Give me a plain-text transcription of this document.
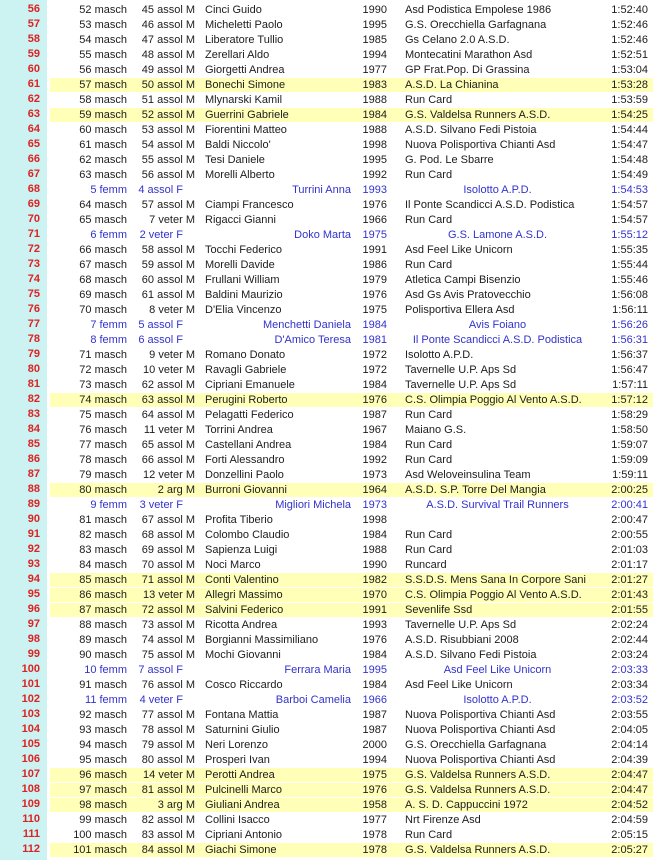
56	52 masch	45 assol M Cinci Guido	1990	Asd Podistica Empolese 1986	1:52:40
57	53 masch	46 assol M Micheletti Paolo	1995	G.S. Orecchiella Garfagnana	1:52:46
58	54 masch	47 assol M Liberatore Tullio	1985	Gs Celano 2.0 A.S.D.	1:52:46
59	55 masch	48 assol M Zerellari Aldo	1994	Montecatini Marathon Asd	1:52:51
60	56 masch	49 assol M Giorgetti Andrea	1977	GP Frat.Pop. Di Grassina	1:53:04
61	57 masch	50 assol M Bonechi Simone	1983	A.S.D. La Chianina	1:53:28
62	58 masch	51 assol M Mlynarski Kamil	1988	Run Card	1:53:59
63	59 masch	52 assol M Guerrini Gabriele	1984	G.S. Valdelsa Runners A.S.D.	1:54:25
64	60 masch	53 assol M Fiorentini Matteo	1988	A.S.D. Silvano Fedi Pistoia	1:54:44
65	61 masch	54 assol M Baldi Niccolo'	1998	Nuova Polisportiva Chianti Asd	1:54:47
66	62 masch	55 assol M Tesi Daniele	1995	G. Pod. Le Sbarre	1:54:48
67	63 masch	56 assol M Morelli Alberto	1992	Run Card	1:54:49
68	5 femm	4 assol F	Turrini Anna	1993	Isolotto A.P.D.	1:54:53
69	64 masch	57 assol M Ciampi Francesco	1976	Il Ponte Scandicci A.S.D. Podistica	1:54:57
70	65 masch	7 veter M Rigacci Gianni	1966	Run Card	1:54:57
71	6 femm	2 veter F	Doko Marta	1975	G.S. Lamone A.S.D.	1:55:12
72	66 masch	58 assol M Tocchi Federico	1991	Asd Feel Like Unicorn	1:55:35
73	67 masch	59 assol M Morelli Davide	1986	Run Card	1:55:44
74	68 masch	60 assol M Frullani William	1979	Atletica Campi Bisenzio	1:55:46
75	69 masch	61 assol M Baldini Maurizio	1976	Asd Gs Avis Pratovecchio	1:56:08
76	70 masch	8 veter M D'Elia Vincenzo	1975	Polisportiva Ellera Asd	1:56:11
77	7 femm	5 assol F	Menchetti Daniela	1984	Avis Foiano	1:56:26
78	8 femm	6 assol F	D'Amico Teresa	1981	Il Ponte Scandicci A.S.D. Podistica	1:56:31
79	71 masch	9 veter M Romano Donato	1972	Isolotto A.P.D.	1:56:37
80	72 masch	10 veter M Ravagli Gabriele	1972	Tavernelle U.P. Aps Sd	1:56:47
81	73 masch	62 assol M Cipriani Emanuele	1984	Tavernelle U.P. Aps Sd	1:57:11
82	74 masch	63 assol M Perugini Roberto	1976	C.S. Olimpia Poggio Al Vento A.S.D.	1:57:12
83	75 masch	64 assol M Pelagatti Federico	1987	Run Card	1:58:29
84	76 masch	11 veter M Torrini Andrea	1967	Maiano G.S.	1:58:50
85	77 masch	65 assol M Castellani Andrea	1984	Run Card	1:59:07
86	78 masch	66 assol M Forti Alessandro	1992	Run Card	1:59:09
87	79 masch	12 veter M Donzellini Paolo	1973	Asd Weloveinsulina Team	1:59:11
88	80 masch	2 arg M Burroni Giovanni	1964	A.S.D. S.P. Torre Del Mangia	2:00:25
89	9 femm	3 veter F	Migliori Michela	1973	A.S.D. Survival Trail Runners	2:00:41
90	81 masch	67 assol M Profita Tiberio	1998	2:00:47
91	82 masch	68 assol M Colombo Claudio	1984	Run Card	2:00:55
92	83 masch	69 assol M Sapienza Luigi	1988	Run Card	2:01:03
93	84 masch	70 assol M Noci Marco	1990	Runcard	2:01:17
94	85 masch	71 assol M Conti Valentino	1982	S.S.D.S. Mens Sana In Corpore Sani	2:01:27
95	86 masch	13 veter M Allegri Massimo	1970	C.S. Olimpia Poggio Al Vento A.S.D.	2:01:43
96	87 masch	72 assol M Salvini Federico	1991	Sevenlife Ssd	2:01:55
97	88 masch	73 assol M Ricotta Andrea	1993	Tavernelle U.P. Aps Sd	2:02:24
98	89 masch	74 assol M Borgianni Massimiliano	1976	A.S.D. Risubbiani 2008	2:02:44
99	90 masch	75 assol M Mochi Giovanni	1984	A.S.D. Silvano Fedi Pistoia	2:03:24
100	10 femm	7 assol F	Ferrara Maria	1995	Asd Feel Like Unicorn	2:03:33
101	91 masch	76 assol M Cosco Riccardo	1984	Asd Feel Like Unicorn	2:03:34
102	11 femm	4 veter F	Barboi Camelia	1966	Isolotto A.P.D.	2:03:52
103	92 masch	77 assol M Fontana Mattia	1987	Nuova Polisportiva Chianti Asd	2:03:55
104	93 masch	78 assol M Saturnini Giulio	1987	Nuova Polisportiva Chianti Asd	2:04:05
105	94 masch	79 assol M Neri Lorenzo	2000	G.S. Orecchiella Garfagnana	2:04:14
106	95 masch	80 assol M Prosperi Ivan	1994	Nuova Polisportiva Chianti Asd	2:04:39
107	96 masch	14 veter M Perotti Andrea	1975	G.S. Valdelsa Runners A.S.D.	2:04:47
108	97 masch	81 assol M Pulcinelli Marco	1976	G.S. Valdelsa Runners A.S.D.	2:04:47
109	98 masch	3 arg M Giuliani Andrea	1958	A. S. D. Cappuccini 1972	2:04:52
110	99 masch	82 assol M Collini Isacco	1977	Nrt Firenze Asd	2:04:59
111	100 masch	83 assol M Cipriani Antonio	1978	Run Card	2:05:15
112	101 masch	84 assol M Giachi Simone	1978	G.S. Valdelsa Runners A.S.D.	2:05:27
